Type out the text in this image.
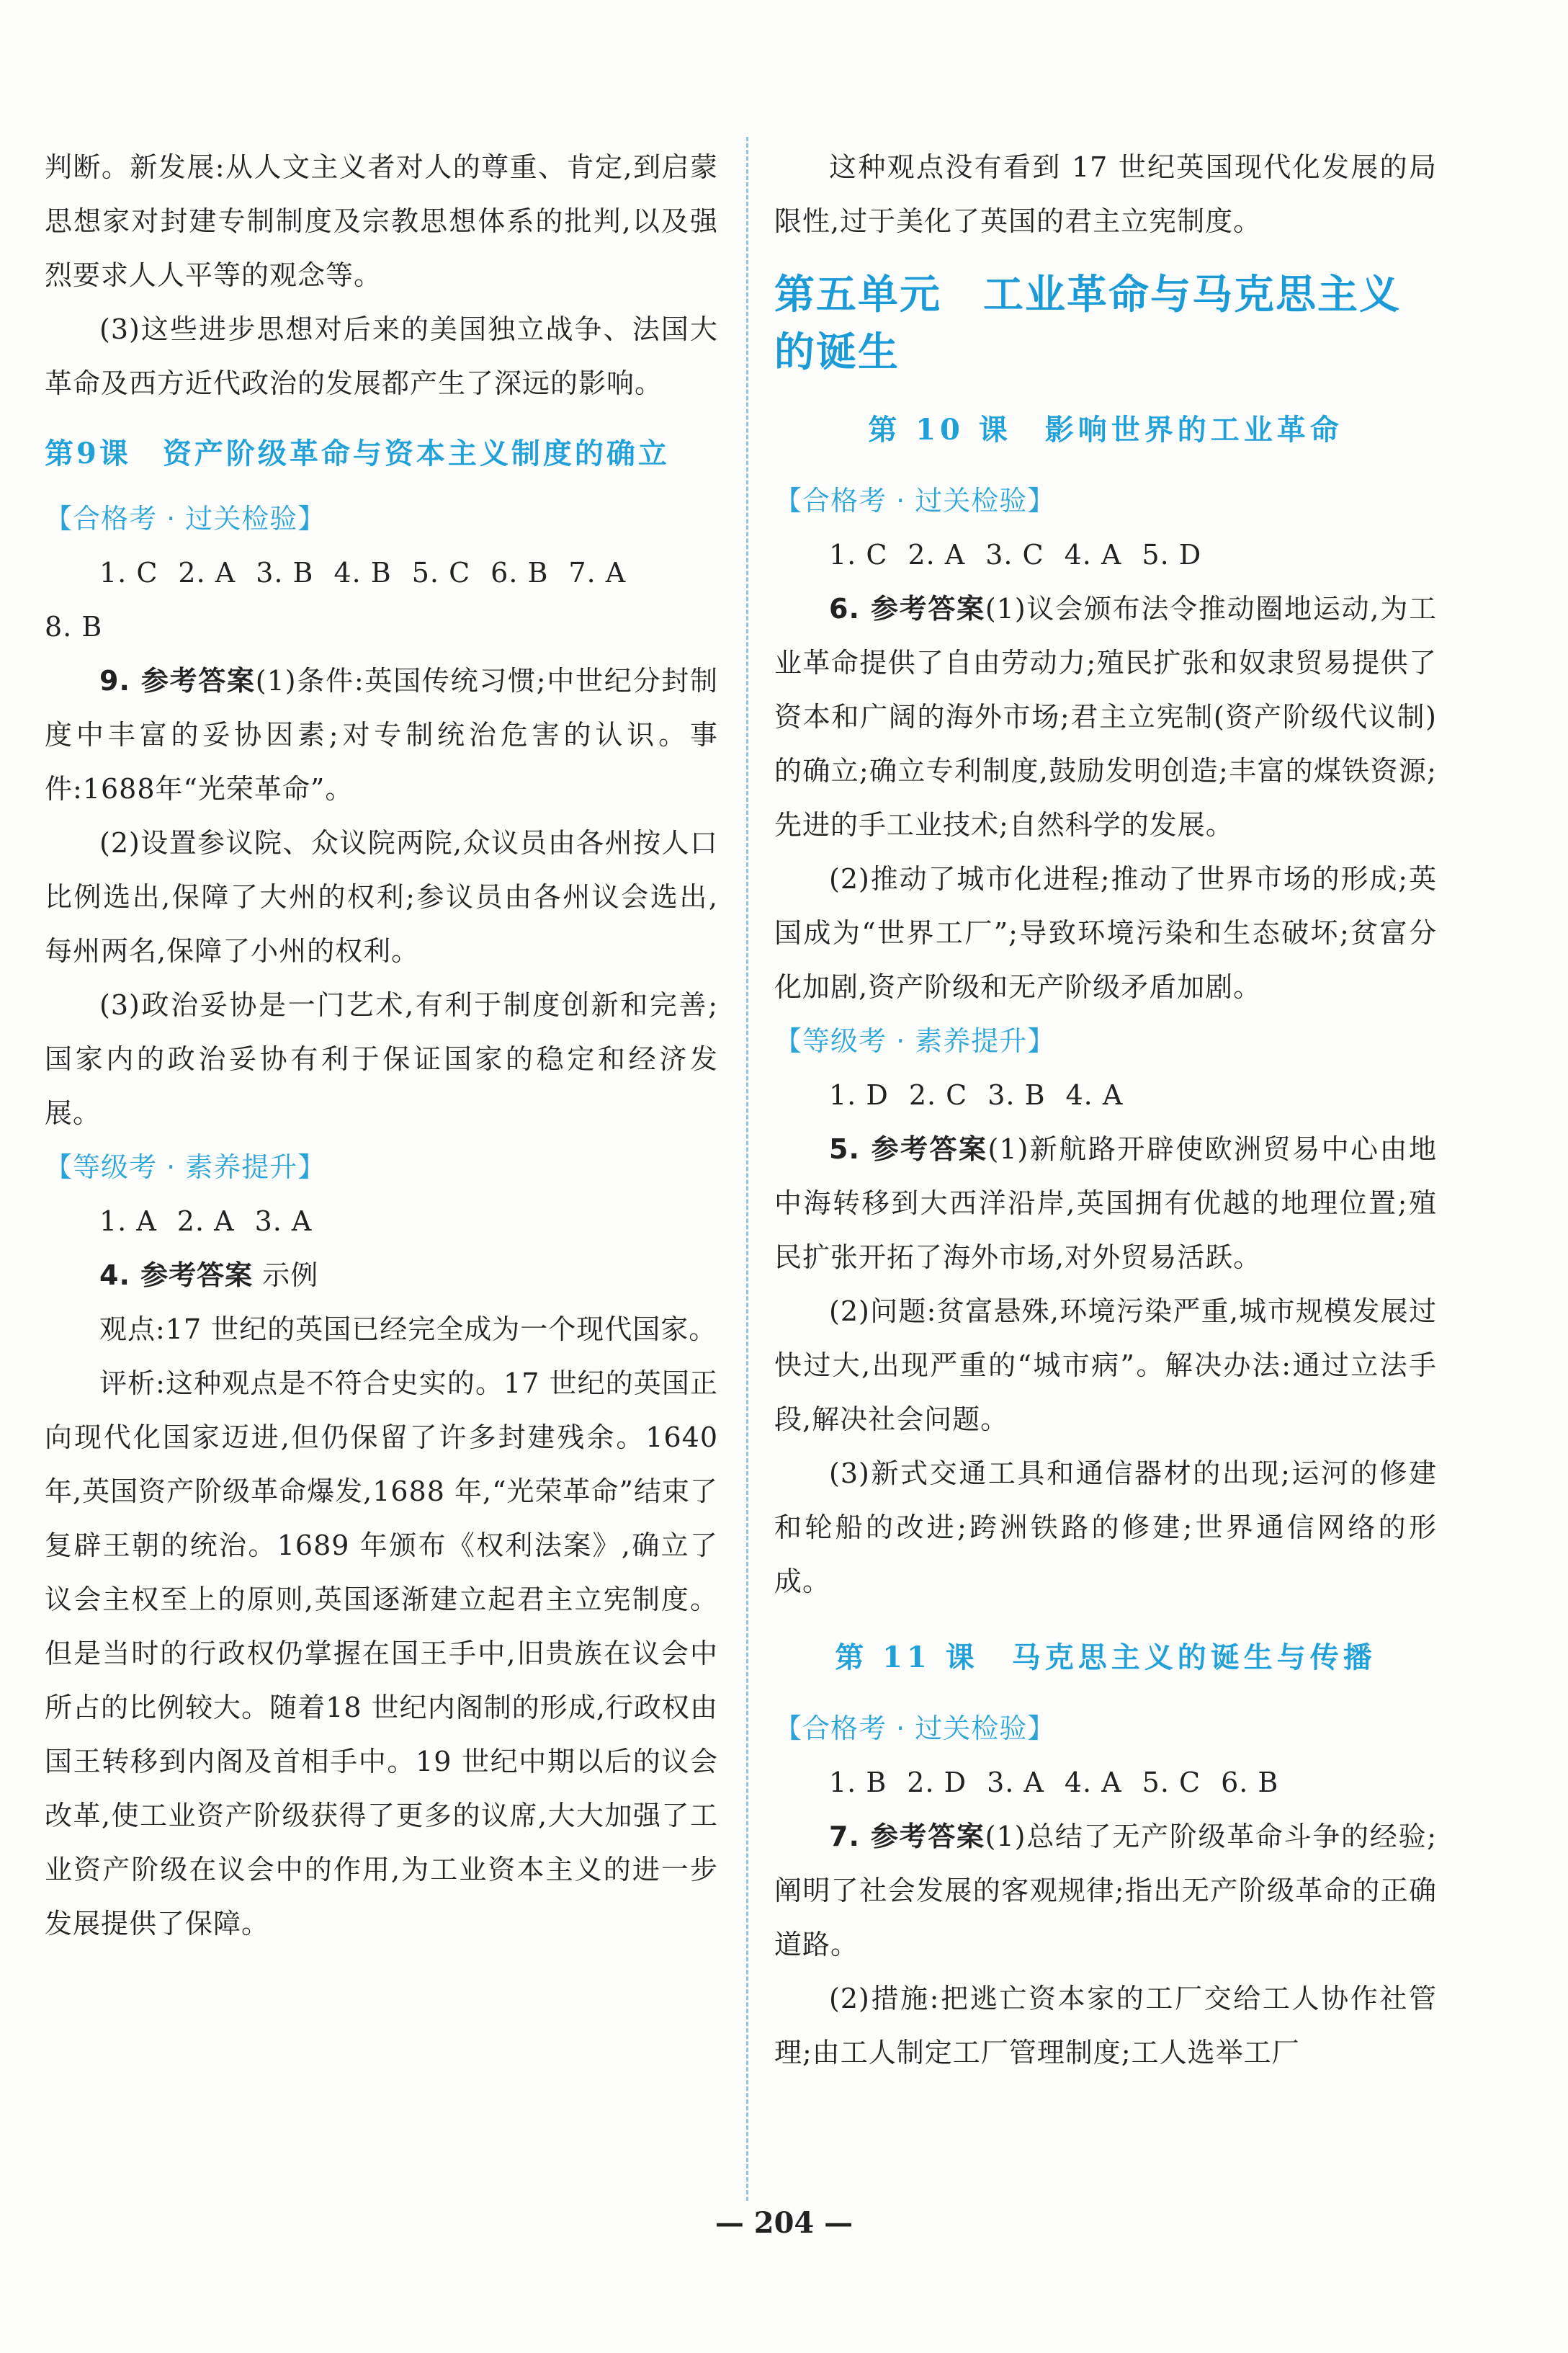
判断。新发展:从人文主义者对人的尊重、肯定,到启蒙思想家对封建专制制度及宗教思想体系的批判,以及强烈要求人人平等的观念等。

(3)这些进步思想对后来的美国独立战争、法国大革命及西方近代政治的发展都产生了深远的影响。

第9课　资产阶级革命与资本主义制度的确立

【合格考 · 过关检验】

1. C 2. A 3. B 4. B 5. C 6. B 7. A

8. B

9. 参考答案(1)条件:英国传统习惯;中世纪分封制度中丰富的妥协因素;对专制统治危害的认识。事件:1688年“光荣革命”。

(2)设置参议院、众议院两院,众议员由各州按人口比例选出,保障了大州的权利;参议员由各州议会选出,每州两名,保障了小州的权利。

(3)政治妥协是一门艺术,有利于制度创新和完善;国家内的政治妥协有利于保证国家的稳定和经济发展。

【等级考 · 素养提升】

1. A 2. A 3. A

4. 参考答案 示例

观点:17 世纪的英国已经完全成为一个现代国家。

评析:这种观点是不符合史实的。17 世纪的英国正向现代化国家迈进,但仍保留了许多封建残余。1640 年,英国资产阶级革命爆发,1688 年,“光荣革命”结束了复辟王朝的统治。1689 年颁布《权利法案》,确立了议会主权至上的原则,英国逐渐建立起君主立宪制度。但是当时的行政权仍掌握在国王手中,旧贵族在议会中所占的比例较大。随着18 世纪内阁制的形成,行政权由国王转移到内阁及首相手中。19 世纪中期以后的议会改革,使工业资产阶级获得了更多的议席,大大加强了工业资产阶级在议会中的作用,为工业资本主义的进一步发展提供了保障。

这种观点没有看到 17 世纪英国现代化发展的局限性,过于美化了英国的君主立宪制度。

第五单元　工业革命与马克思主义的诞生

第 10 课　影响世界的工业革命

【合格考 · 过关检验】

1. C 2. A 3. C 4. A 5. D

6. 参考答案(1)议会颁布法令推动圈地运动,为工业革命提供了自由劳动力;殖民扩张和奴隶贸易提供了资本和广阔的海外市场;君主立宪制(资产阶级代议制)的确立;确立专利制度,鼓励发明创造;丰富的煤铁资源;先进的手工业技术;自然科学的发展。

(2)推动了城市化进程;推动了世界市场的形成;英国成为“世界工厂”;导致环境污染和生态破坏;贫富分化加剧,资产阶级和无产阶级矛盾加剧。

【等级考 · 素养提升】

1. D 2. C 3. B 4. A

5. 参考答案(1)新航路开辟使欧洲贸易中心由地中海转移到大西洋沿岸,英国拥有优越的地理位置;殖民扩张开拓了海外市场,对外贸易活跃。

(2)问题:贫富悬殊,环境污染严重,城市规模发展过快过大,出现严重的“城市病”。解决办法:通过立法手段,解决社会问题。

(3)新式交通工具和通信器材的出现;运河的修建和轮船的改进;跨洲铁路的修建;世界通信网络的形成。

第 11 课　马克思主义的诞生与传播

【合格考 · 过关检验】

1. B 2. D 3. A 4. A 5. C 6. B

7. 参考答案(1)总结了无产阶级革命斗争的经验;阐明了社会发展的客观规律;指出无产阶级革命的正确道路。

(2)措施:把逃亡资本家的工厂交给工人协作社管理;由工人制定工厂管理制度;工人选举工厂

— 204 —
